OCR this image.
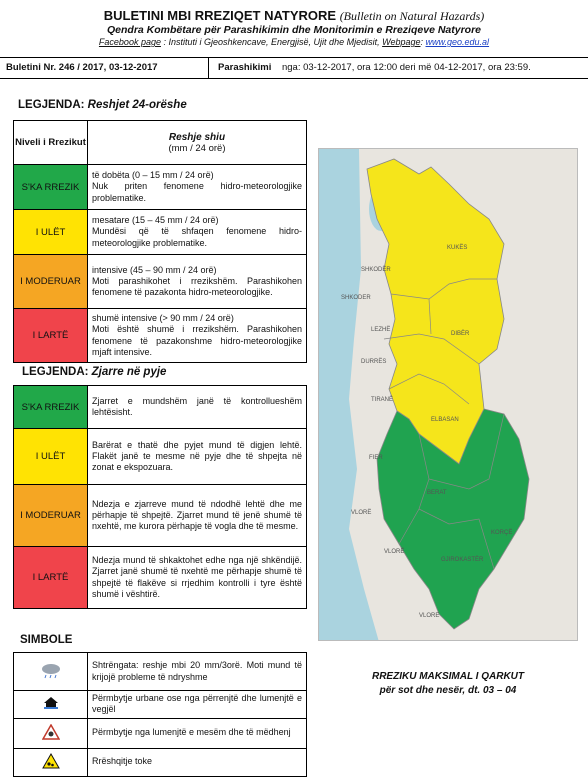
BULETINI MBI RREZIQET NATYRORE (Bulletin on Natural Hazards)
Qendra Kombëtare për Parashikimin dhe Monitorimin e Rreziqeve Natyrore
Facebook page : Instituti i Gjeoshkencave, Energjisë, Ujit dhe Mjedisit, Webpage: www.geo.edu.al
Buletini Nr. 246 / 2017, 03-12-2017	Parashikimi nga: 03-12-2017, ora 12:00 deri më 04-12-2017, ora 23:59.
LEGJENDA: Reshjet 24-orëshe
Niveli i Rrezikut	Reshje shiu
(mm / 24 orë)

S'KA RREZIK	të dobëta (0 – 15 mm / 24 orë)
Nuk priten fenomene hidro-meteorologjike problematike.

I ULËT	mesatare (15 – 45 mm / 24 orë)
Mundësi që të shfaqen fenomene hidro-meteorologjike problematike.

I MODERUAR	intensive (45 – 90 mm / 24 orë)
Moti parashikohet i rrezikshëm. Parashikohen fenomene të pazakonta hidro-meteorologjike.

I LARTË	shumë intensive (> 90 mm / 24 orë)
Moti është shumë i rrezikshëm. Parashikohen fenomene të pazakonshme hidro-meteorologjike mjaft intensive.
LEGJENDA: Zjarre në pyje
S'KA RREZIK	Zjarret e mundshëm janë të kontrollueshëm lehtësisht.
I ULËT	Barërat e thatë dhe pyjet mund të digjen lehtë. Flakët janë te mesme në pyje dhe të shpejta në zonat e ekspozuara.
I MODERUAR	Ndezja e zjarreve mund të ndodhë lehtë dhe me përhapje të shpejtë. Zjarret mund të jenë shumë të nxehtë, me kurora përhapje të vogla dhe të mesme.
I LARTË	Ndezja mund të shkaktohet edhe nga një shkëndijë. Zjarret janë shumë të nxehtë me përhapje shumë të shpejtë të flakëve si rrjedhim kontrolli i tyre është shumë i vështirë.
SIMBOLE
	Shtrëngata: reshje mbi 20 mm/3orë. Moti mund të krijojë probleme të ndryshme
	Përmbytje urbane ose nga përrenjtë dhe lumenjtë e vegjël
	Përmbytje nga lumenjtë e mesëm dhe të mëdhenj
	Rrëshqitje toke
SHKODËR
SHKODER
KUKËS
LEZHË
DIBËR
DURRËS
TIRANË
ELBASAN
FIER
BERAT
KORÇË
VLORË
VLORË
GJIROKASTËR
VLORE
RREZIKU MAKSIMAL I QARKUT
për sot dhe nesër, dt. 03 – 04
